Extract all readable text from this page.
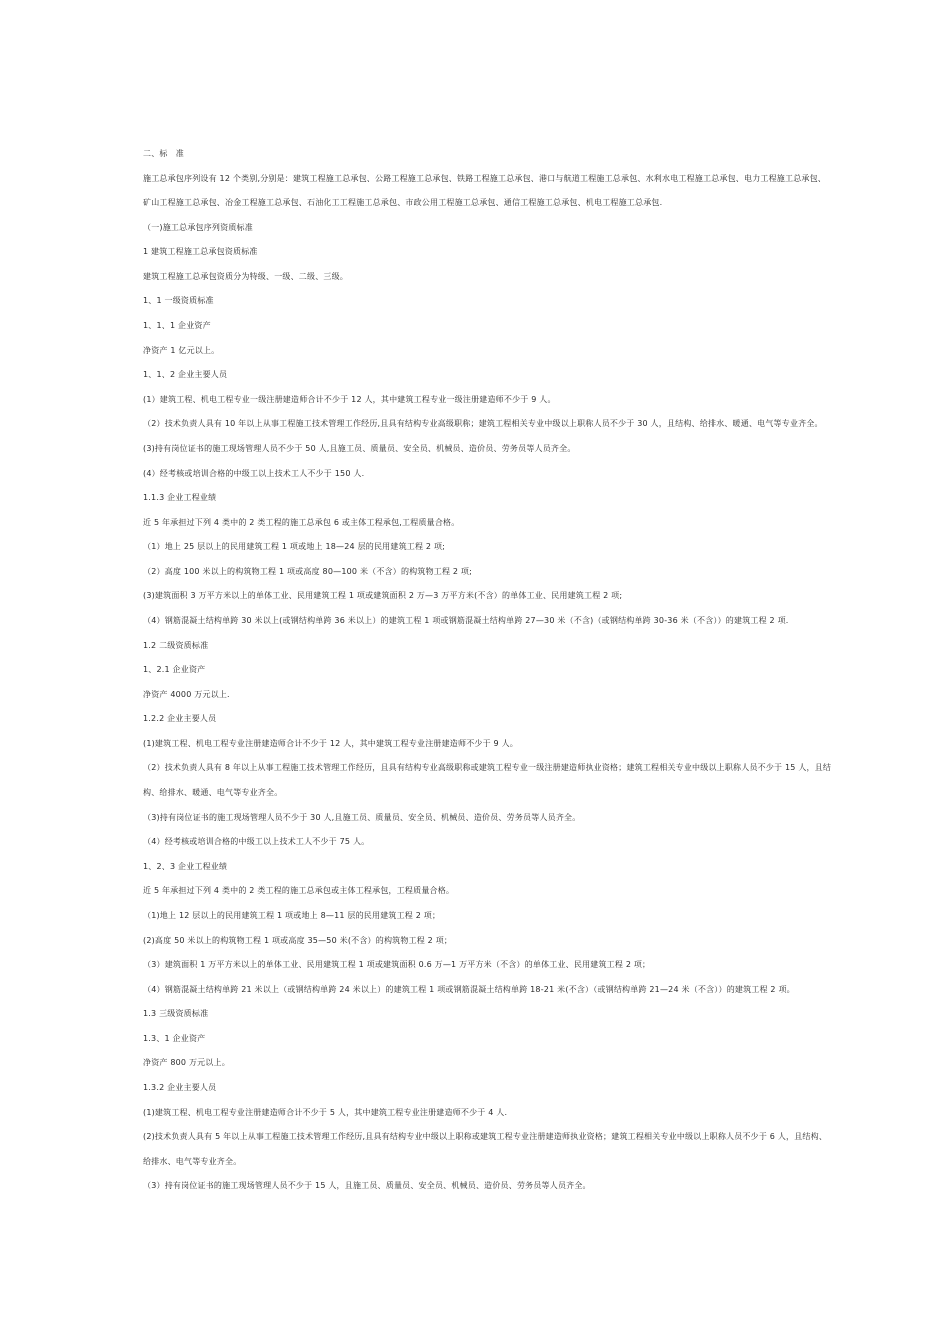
二、标　准
施工总承包序列设有 12 个类别,分别是：建筑工程施工总承包、公路工程施工总承包、铁路工程施工总承包、港口与航道工程施工总承包、水利水电工程施工总承包、电力工程施工总承包、
矿山工程施工总承包、冶金工程施工总承包、石油化工工程施工总承包、市政公用工程施工总承包、通信工程施工总承包、机电工程施工总承包.
（一)施工总承包序列资质标准
1 建筑工程施工总承包资质标准
建筑工程施工总承包资质分为特级、一级、二级、三级。
1、1 一级资质标准
1、1、1 企业资产
净资产 1 亿元以上。
1、1、2 企业主要人员
(1）建筑工程、机电工程专业一级注册建造师合计不少于 12 人，其中建筑工程专业一级注册建造师不少于 9 人。
（2）技术负责人具有 10 年以上从事工程施工技术管理工作经历,且具有结构专业高级职称；建筑工程相关专业中级以上职称人员不少于 30 人，且结构、给排水、暖通、电气等专业齐全。
(3)持有岗位证书的施工现场管理人员不少于 50 人,且施工员、质量员、安全员、机械员、造价员、劳务员等人员齐全。
(4）经考核或培训合格的中级工以上技术工人不少于 150 人.
1.1.3 企业工程业绩
近 5 年承担过下列 4 类中的 2 类工程的施工总承包 6 或主体工程承包,工程质量合格。
（1）地上 25 层以上的民用建筑工程 1 项或地上 18—24 层的民用建筑工程 2 项;
（2）高度 100 米以上的构筑物工程 1 项或高度 80—100 米（不含）的构筑物工程 2 项;
(3)建筑面积 3 万平方米以上的单体工业、民用建筑工程 1 项或建筑面积 2 万—3 万平方米(不含）的单体工业、民用建筑工程 2 项;
（4）钢筋混凝土结构单跨 30 米以上(或钢结构单跨 36 米以上）的建筑工程 1 项或钢筋混凝土结构单跨 27—30 米（不含)（或钢结构单跨 30-36 米（不含））的建筑工程 2 项.
1.2 二级资质标准
1、2.1 企业资产
净资产 4000 万元以上.
1.2.2 企业主要人员
(1)建筑工程、机电工程专业注册建造师合计不少于 12 人，其中建筑工程专业注册建造师不少于 9 人。
（2）技术负责人具有 8 年以上从事工程施工技术管理工作经历，且具有结构专业高级职称或建筑工程专业一级注册建造师执业资格；建筑工程相关专业中级以上职称人员不少于 15 人，且结
构、给排水、暖通、电气等专业齐全。
（3)持有岗位证书的施工现场管理人员不少于 30 人,且施工员、质量员、安全员、机械员、造价员、劳务员等人员齐全。
（4）经考核或培训合格的中级工以上技术工人不少于 75 人。
1、2、3 企业工程业绩
近 5 年承担过下列 4 类中的 2 类工程的施工总承包或主体工程承包，工程质量合格。
（1)地上 12 层以上的民用建筑工程 1 项或地上 8—11 层的民用建筑工程 2 项；
(2)高度 50 米以上的构筑物工程 1 项或高度 35—50 米(不含）的构筑物工程 2 项；
（3）建筑面积 1 万平方米以上的单体工业、民用建筑工程 1 项或建筑面积 0.6 万—1 万平方米（不含）的单体工业、民用建筑工程 2 项；
（4）钢筋混凝土结构单跨 21 米以上（或钢结构单跨 24 米以上）的建筑工程 1 项或钢筋混凝土结构单跨 18-21 米(不含）（或钢结构单跨 21—24 米（不含））的建筑工程 2 项。
1.3 三级资质标准
1.3、1 企业资产
净资产 800 万元以上。
1.3.2 企业主要人员
(1)建筑工程、机电工程专业注册建造师合计不少于 5 人，其中建筑工程专业注册建造师不少于 4 人.
(2)技术负责人具有 5 年以上从事工程施工技术管理工作经历,且具有结构专业中级以上职称或建筑工程专业注册建造师执业资格；建筑工程相关专业中级以上职称人员不少于 6 人，且结构、
给排水、电气等专业齐全。
（3）持有岗位证书的施工现场管理人员不少于 15 人，且施工员、质量员、安全员、机械员、造价员、劳务员等人员齐全。
